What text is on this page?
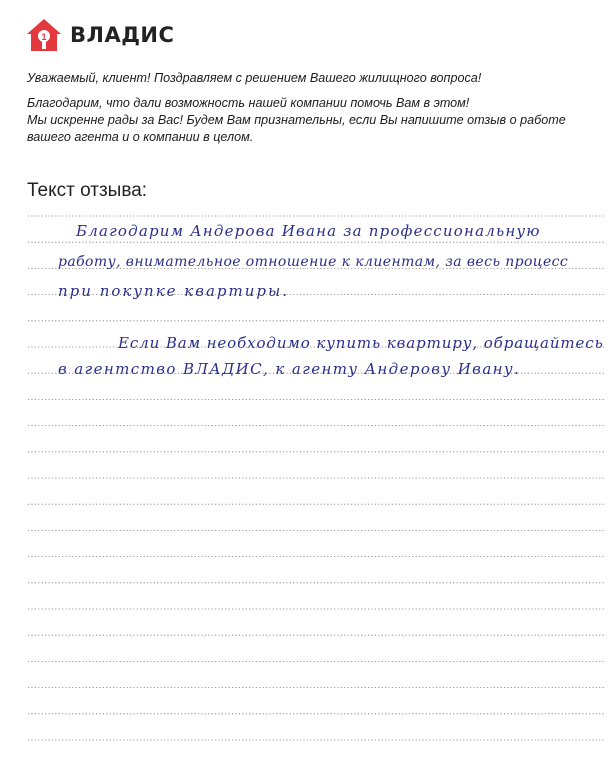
1 ВЛАДИС

Уважаемый, клиент! Поздравляем с решением Вашего жилищного вопроса!

Благодарим, что дали возможность нашей компании помочь Вам в этом!

Мы искренне рады за Вас! Будем Вам признательны, если Вы напишите отзыв о работе

вашего агента и о компании в целом.

Текст отзыва:
Благодарим Андерова Ивана за профессиональную
работу, внимательное отношение к клиентам, за весь процесс
при покупке квартиры.
Если Вам необходимо купить квартиру, обращайтесь
в агентство ВЛАДИС, к агенту Андерову Ивану.
